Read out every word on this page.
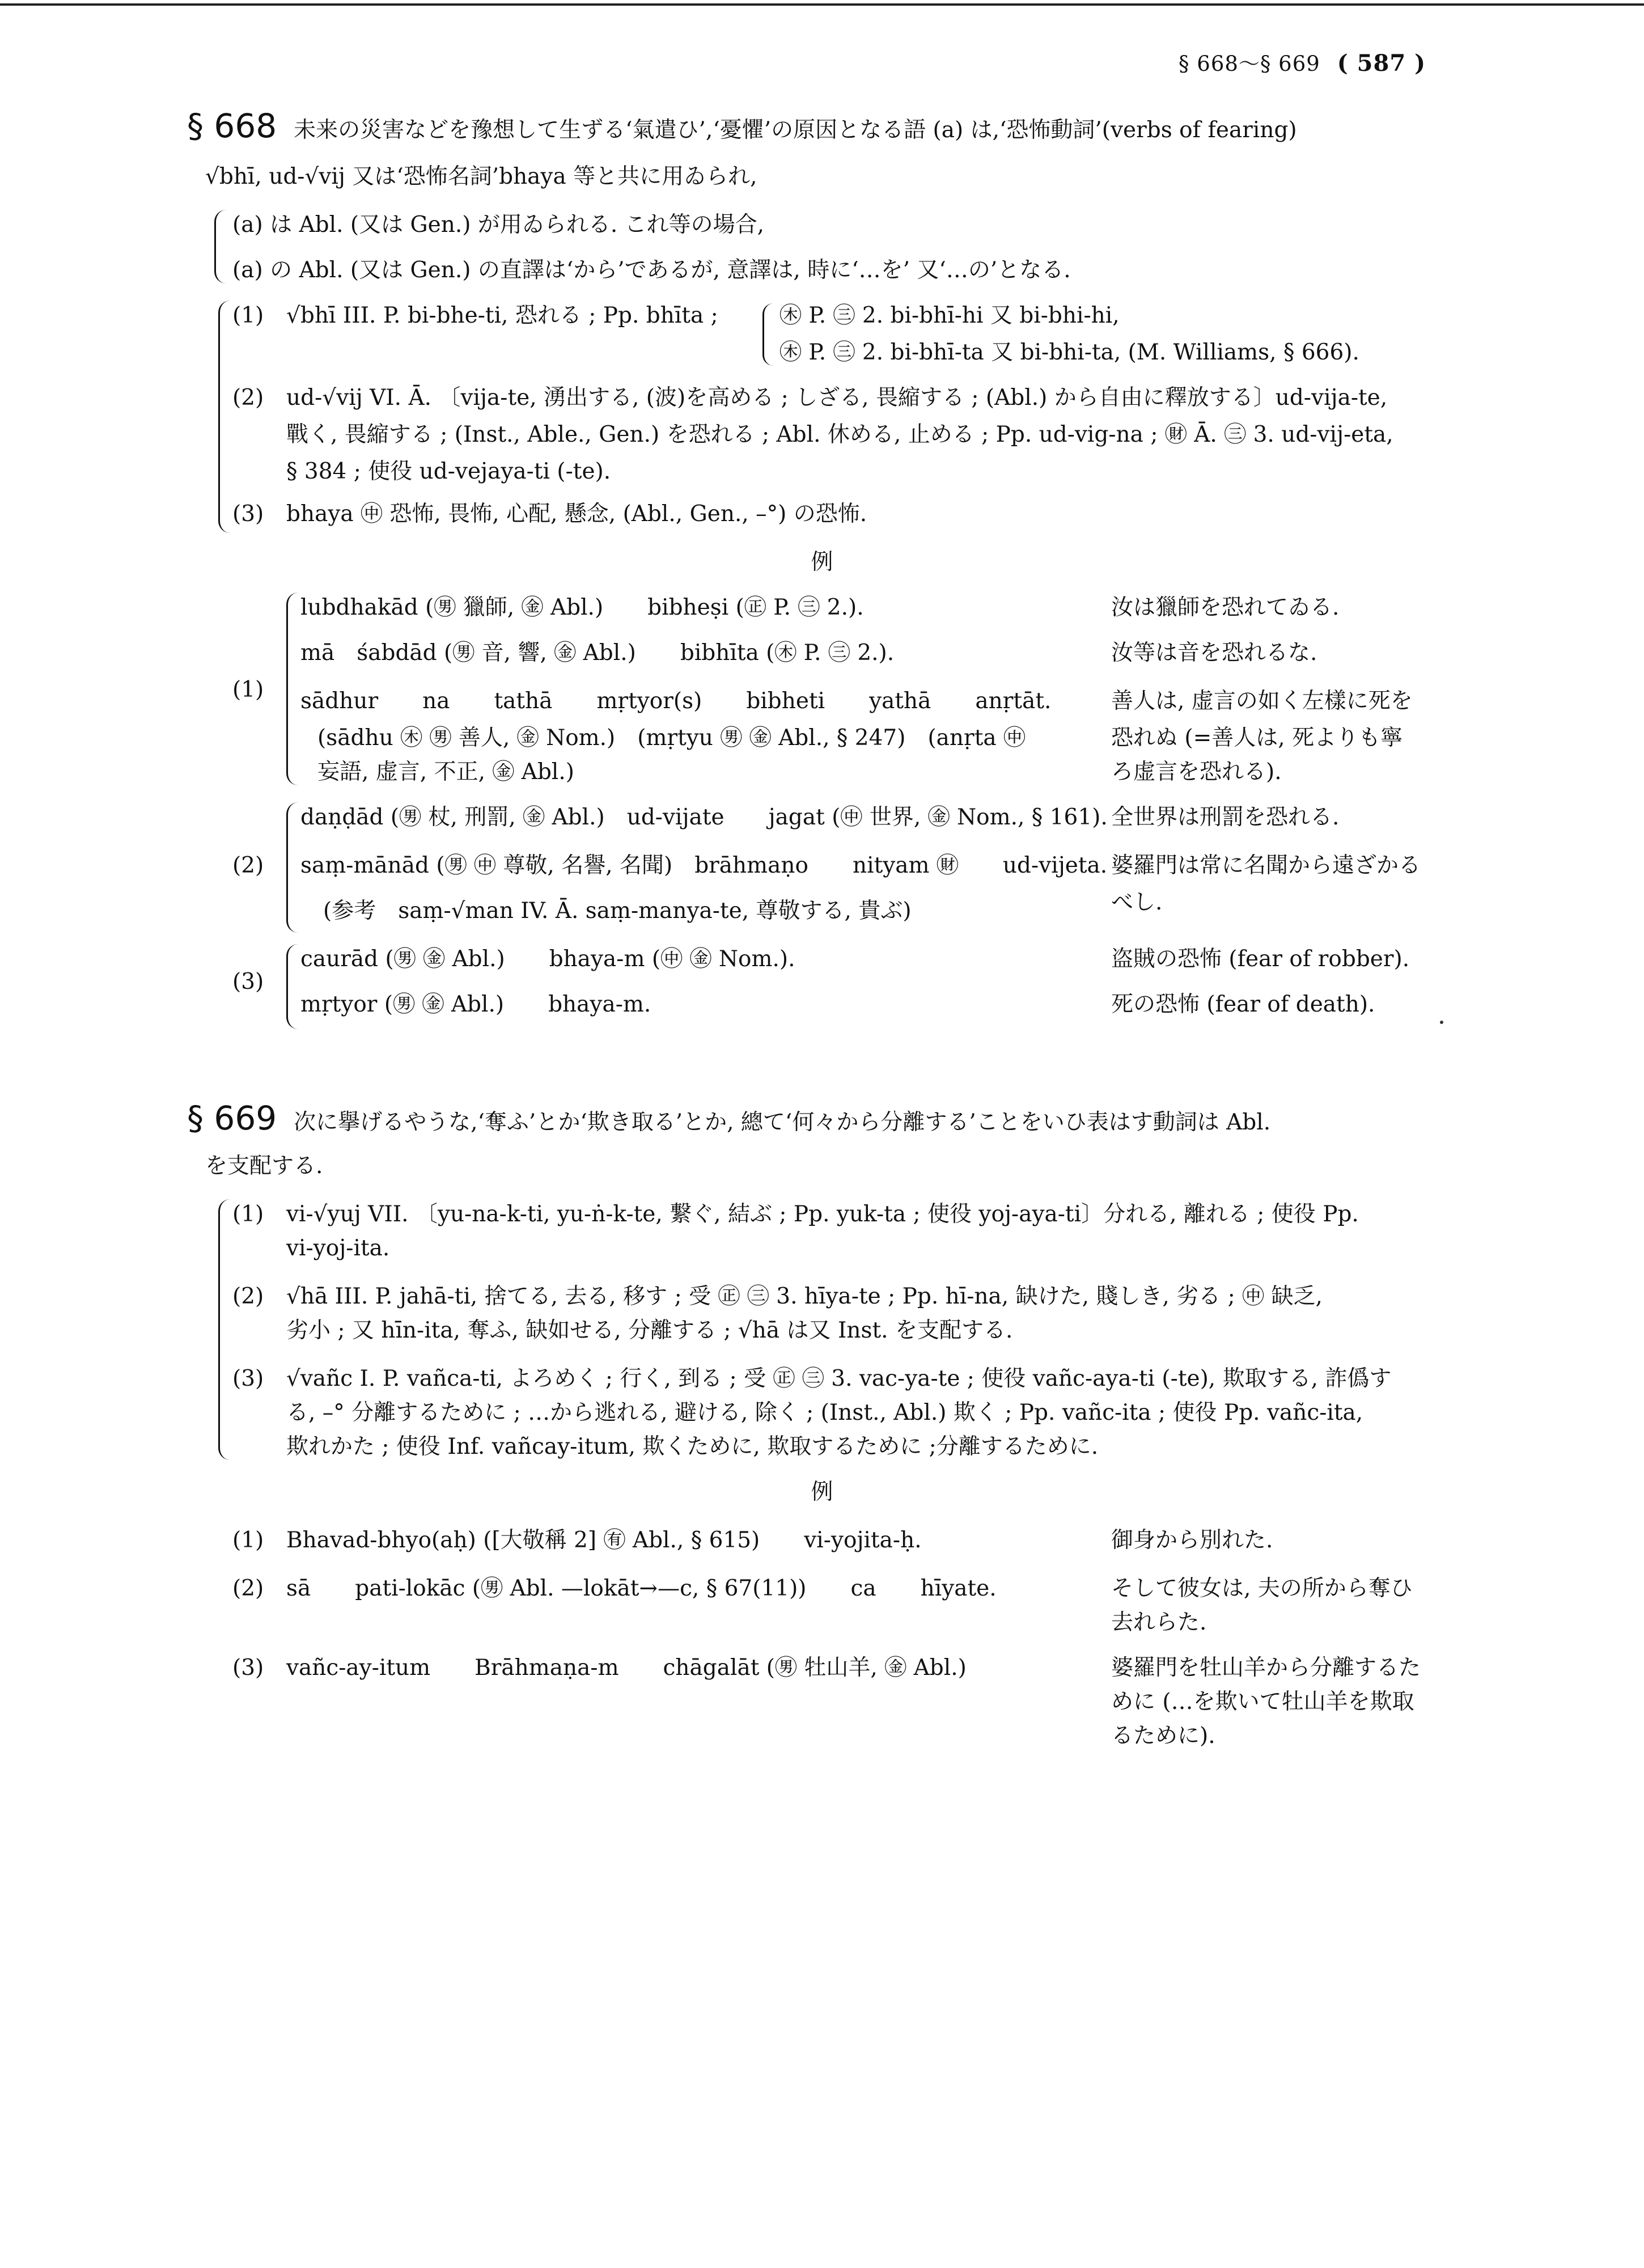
§ 668～§ 669 ( 587 )
§ 668 未来の災害などを豫想して生ずる‘氣遣ひ’,‘憂懼’の原因となる語 (a) は,‘恐怖動詞’(verbs of fearing)
√bhī, ud-√vij 又は‘恐怖名詞’bhaya 等と共に用ゐられ,
(a) は Abl. (又は Gen.) が用ゐられる. これ等の場合,
(a) の Abl. (又は Gen.) の直譯は‘から’であるが, 意譯は, 時に‘…を’ 又‘…の’となる.
(1) √bhī III. P. bi-bhe-ti, 恐れる ; Pp. bhīta ;	㊍ P. ㊂ 2. bi-bhī-hi 又 bi-bhi-hi,
㊍ P. ㊂ 2. bi-bhī-ta 又 bi-bhi-ta, (M. Williams, § 666).
(2) ud-√vij VI. Ā. 〔vija-te, 湧出する, (波)を高める ; しざる, 畏縮する ; (Abl.) から自由に釋放する〕ud-vija-te,
戰く, 畏縮する ; (Inst., Able., Gen.) を恐れる ; Abl. 休める, 止める ; Pp. ud-vig-na ; ㊖ Ā. ㊂ 3. ud-vij-eta,
§ 384 ; 使役 ud-vejaya-ti (-te).
(3) bhaya ㊥ 恐怖, 畏怖, 心配, 懸念, (Abl., Gen., –°) の恐怖.
例
(1)
lubdhakād (㊚ 獵師, ㊎ Abl.)　　bibheṣi (㊣ P. ㊂ 2.).	汝は獵師を恐れてゐる.
mā　śabdād (㊚ 音, 響, ㊎ Abl.)　　bibhīta (㊍ P. ㊂ 2.).	汝等は音を恐れるな.
sādhur　　na　　tathā　　mṛtyor(s)　　bibheti　　yathā　　anṛtāt.	善人は, 虚言の如く左樣に死を
(sādhu ㊍ ㊚ 善人, ㊎ Nom.)　(mṛtyu ㊚ ㊎ Abl., § 247)　(anṛta ㊥	恐れぬ (=善人は, 死よりも寧
妄語, 虚言, 不正, ㊎ Abl.)	ろ虚言を恐れる).
(2)
daṇḍād (㊚ 杖, 刑罰, ㊎ Abl.)　ud-vijate　　jagat (㊥ 世界, ㊎ Nom., § 161). 全世界は刑罰を恐れる.
saṃ-mānād (㊚ ㊥ 尊敬, 名譽, 名聞)　brāhmaṇo　　nityam ㊖　　ud-vijeta. 婆羅門は常に名聞から遠ざかる
(参考　saṃ-√man IV. Ā. saṃ-manya-te, 尊敬する, 貴ぶ)	べし.
(3)
caurād (㊚ ㊎ Abl.)　　bhaya-m (㊥ ㊎ Nom.).	盗賊の恐怖 (fear of robber).
mṛtyor (㊚ ㊎ Abl.)　　bhaya-m.	死の恐怖 (fear of death).
§ 669 次に擧げるやうな,‘奪ふ’とか‘欺き取る’とか, 總て‘何々から分離する’ことをいひ表はす動詞は Abl.
を支配する.
(1) vi-√yuj VII. 〔yu-na-k-ti, yu-ṅ-k-te, 繋ぐ, 結ぶ ; Pp. yuk-ta ; 使役 yoj-aya-ti〕分れる, 離れる ; 使役 Pp.
vi-yoj-ita.
(2) √hā III. P. jahā-ti, 捨てる, 去る, 移す ; 受 ㊣ ㊂ 3. hīya-te ; Pp. hī-na, 缺けた, 賤しき, 劣る ; ㊥ 缺乏,
劣小 ; 又 hīn-ita, 奪ふ, 缺如せる, 分離する ; √hā は又 Inst. を支配する.
(3) √vañc I. P. vañca-ti, よろめく ; 行く, 到る ; 受 ㊣ ㊂ 3. vac-ya-te ; 使役 vañc-aya-ti (-te), 欺取する, 詐僞す
る, –° 分離するために ; …から逃れる, 避ける, 除く ; (Inst., Abl.) 欺く ; Pp. vañc-ita ; 使役 Pp. vañc-ita,
欺れかた ; 使役 Inf. vañcay-itum, 欺くために, 欺取するために ;分離するために.
例
(1) Bhavad-bhyo(aḥ) ([大敬稱 2] ㊒ Abl., § 615)　　vi-yojita-ḥ.	御身から別れた.
(2) sā　　pati-lokāc (㊚ Abl. —lokāt→—c, § 67(11))　　ca　　hīyate.	そして彼女は, 夫の所から奪ひ
去れらた.
(3) vañc-ay-itum　　Brāhmaṇa-m　　chāgalāt (㊚ 牡山羊, ㊎ Abl.)	婆羅門を牡山羊から分離するた
めに (…を欺いて牡山羊を欺取
るために).
